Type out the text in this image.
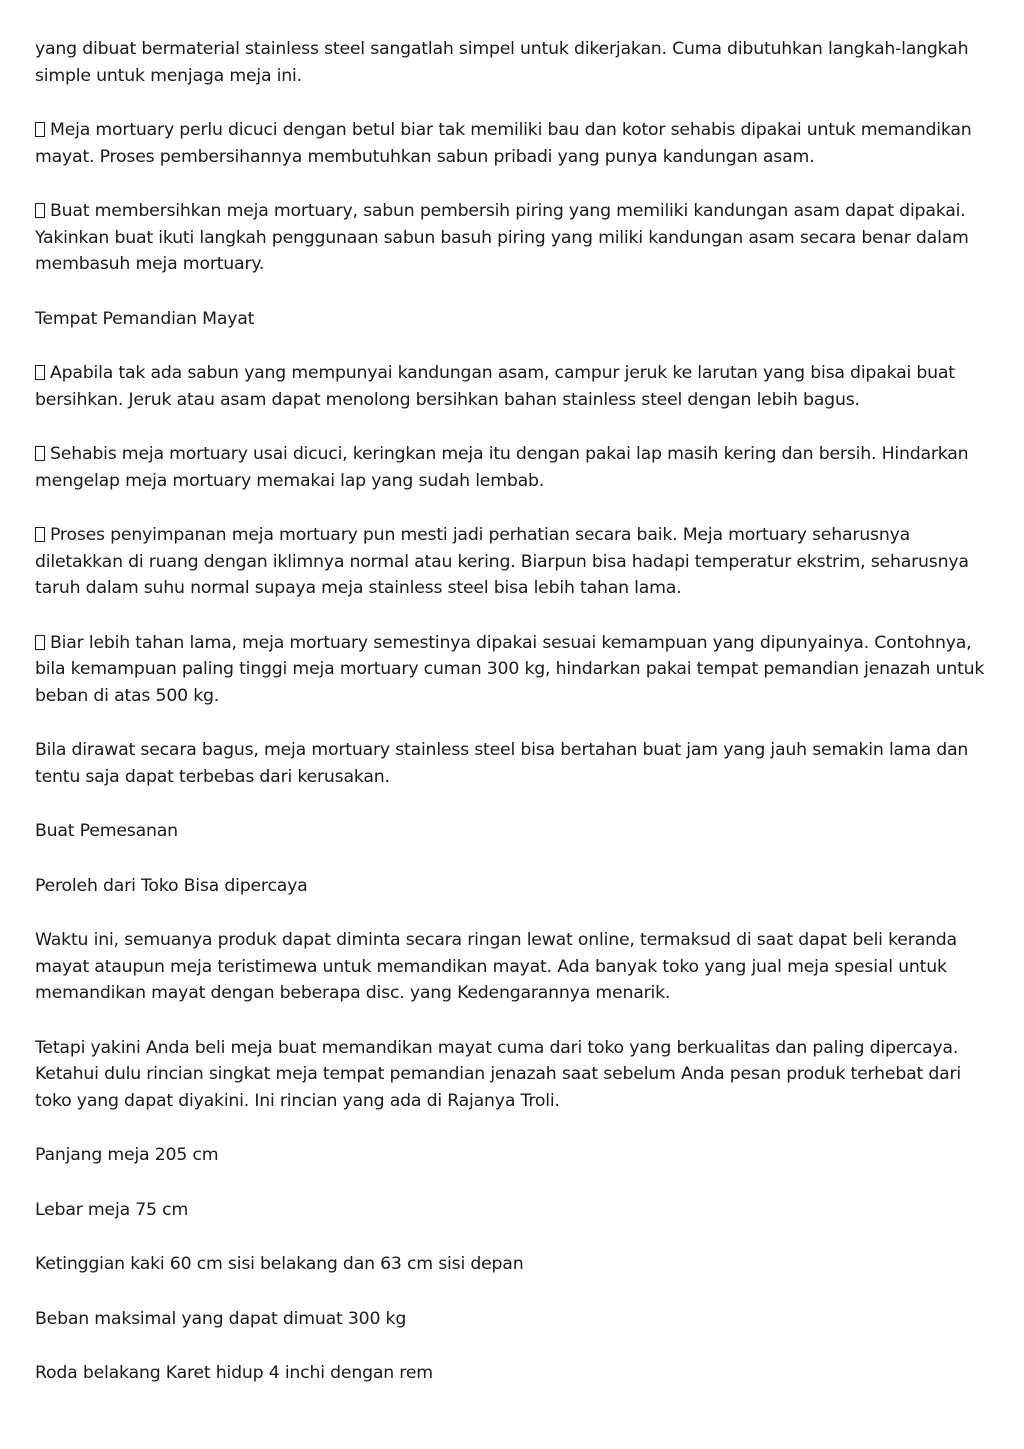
yang dibuat bermaterial stainless steel sangatlah simpel untuk dikerjakan. Cuma dibutuhkan langkah-langkah simple untuk menjaga meja ini.

Meja mortuary perlu dicuci dengan betul biar tak memiliki bau dan kotor sehabis dipakai untuk memandikan mayat. Proses pembersihannya membutuhkan sabun pribadi yang punya kandungan asam.

Buat membersihkan meja mortuary, sabun pembersih piring yang memiliki kandungan asam dapat dipakai. Yakinkan buat ikuti langkah penggunaan sabun basuh piring yang miliki kandungan asam secara benar dalam membasuh meja mortuary.

Tempat Pemandian Mayat

Apabila tak ada sabun yang mempunyai kandungan asam, campur jeruk ke larutan yang bisa dipakai buat bersihkan. Jeruk atau asam dapat menolong bersihkan bahan stainless steel dengan lebih bagus.

Sehabis meja mortuary usai dicuci, keringkan meja itu dengan pakai lap masih kering dan bersih. Hindarkan mengelap meja mortuary memakai lap yang sudah lembab.

Proses penyimpanan meja mortuary pun mesti jadi perhatian secara baik. Meja mortuary seharusnya diletakkan di ruang dengan iklimnya normal atau kering. Biarpun bisa hadapi temperatur ekstrim, seharusnya taruh dalam suhu normal supaya meja stainless steel bisa lebih tahan lama.

Biar lebih tahan lama, meja mortuary semestinya dipakai sesuai kemampuan yang dipunyainya. Contohnya, bila kemampuan paling tinggi meja mortuary cuman 300 kg, hindarkan pakai tempat pemandian jenazah untuk beban di atas 500 kg.

Bila dirawat secara bagus, meja mortuary stainless steel bisa bertahan buat jam yang jauh semakin lama dan tentu saja dapat terbebas dari kerusakan.

Buat Pemesanan

Peroleh dari Toko Bisa dipercaya

Waktu ini, semuanya produk dapat diminta secara ringan lewat online, termaksud di saat dapat beli keranda mayat ataupun meja teristimewa untuk memandikan mayat. Ada banyak toko yang jual meja spesial untuk memandikan mayat dengan beberapa disc. yang Kedengarannya menarik.

Tetapi yakini Anda beli meja buat memandikan mayat cuma dari toko yang berkualitas dan paling dipercaya. Ketahui dulu rincian singkat meja tempat pemandian jenazah saat sebelum Anda pesan produk terhebat dari toko yang dapat diyakini. Ini rincian yang ada di Rajanya Troli.

Panjang meja 205 cm

Lebar meja 75 cm

Ketinggian kaki 60 cm sisi belakang dan 63 cm sisi depan

Beban maksimal yang dapat dimuat 300 kg

Roda belakang Karet hidup 4 inchi dengan rem
